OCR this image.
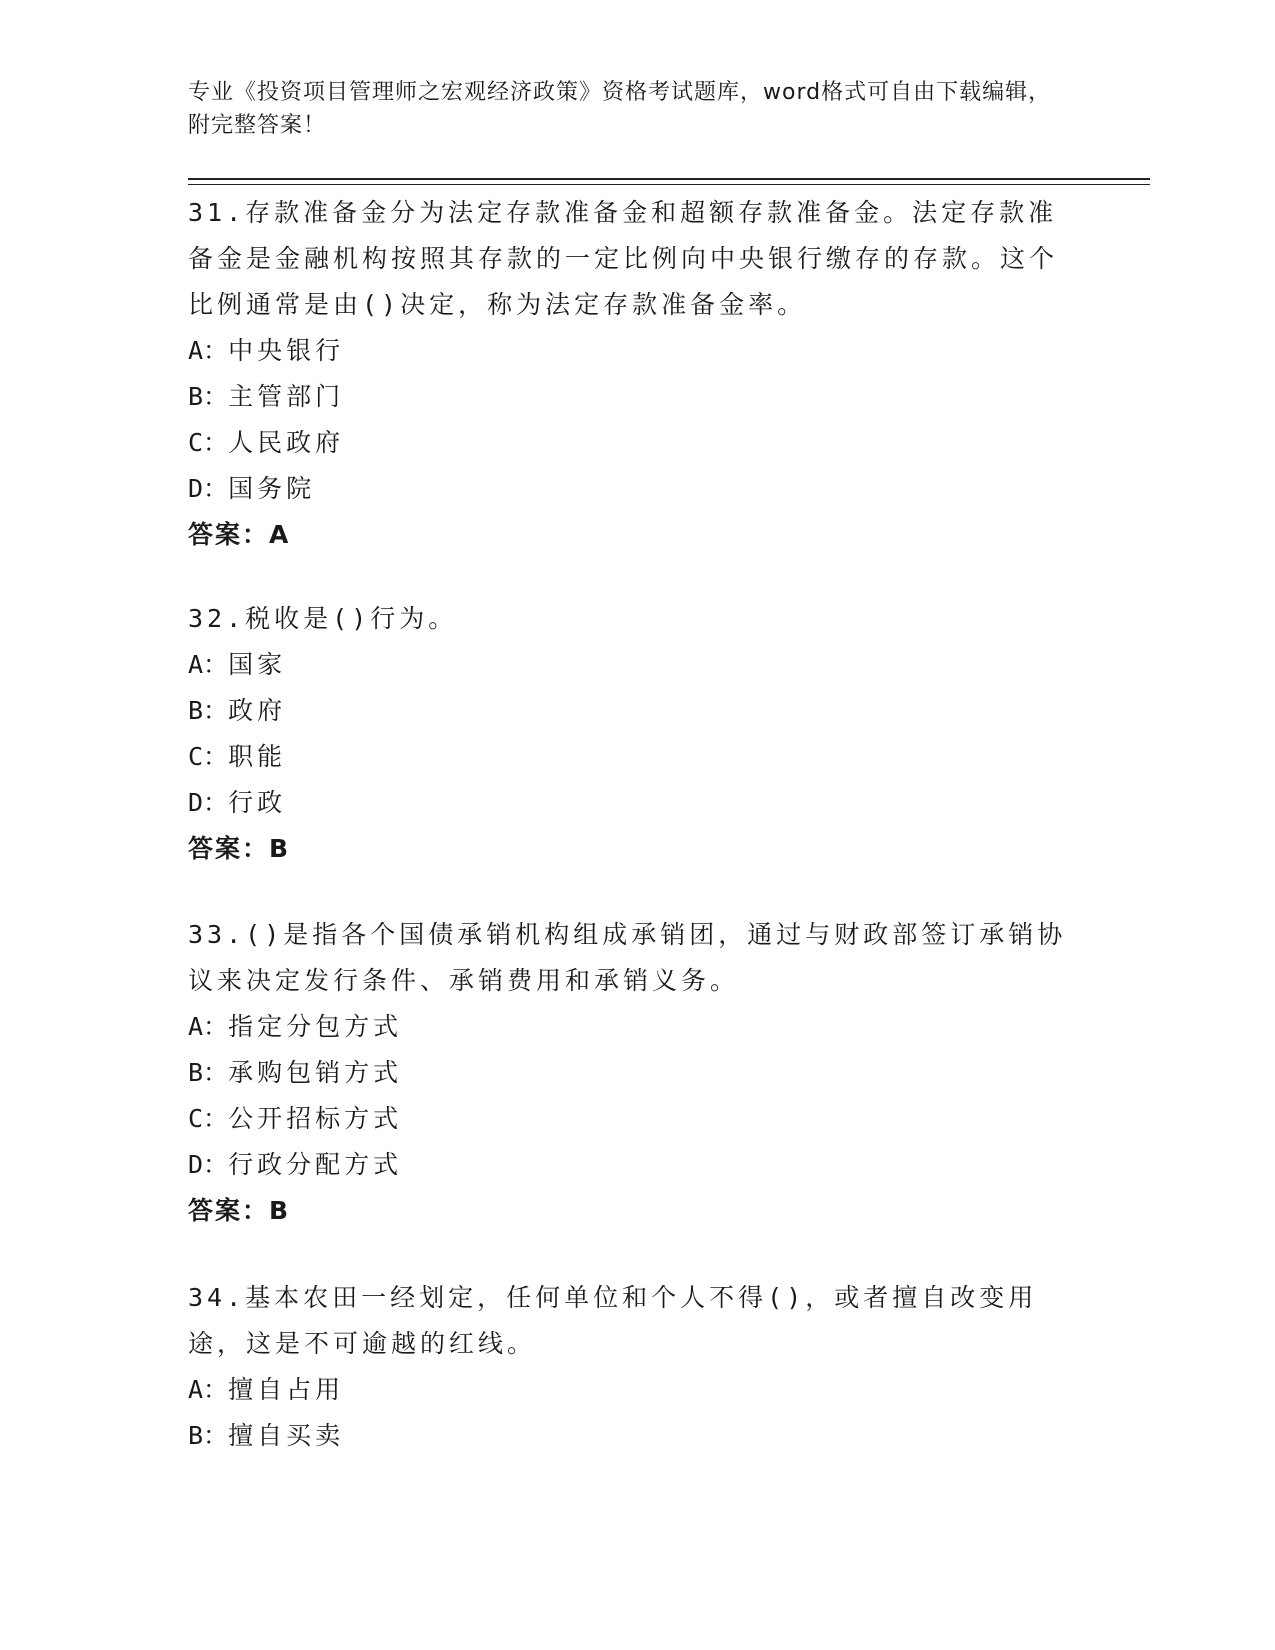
专业《投资项目管理师之宏观经济政策》资格考试题库，word格式可自由下载编辑，附完整答案！

31.存款准备金分为法定存款准备金和超额存款准备金。法定存款准备金是金融机构按照其存款的一定比例向中央银行缴存的存款。这个比例通常是由()决定，称为法定存款准备金率。

A：中央银行
B：主管部门
C：人民政府
D：国务院
答案：A

32.税收是()行为。

A：国家
B：政府
C：职能
D：行政
答案：B

33.()是指各个国债承销机构组成承销团，通过与财政部签订承销协议来决定发行条件、承销费用和承销义务。

A：指定分包方式
B：承购包销方式
C：公开招标方式
D：行政分配方式
答案：B

34.基本农田一经划定，任何单位和个人不得()，或者擅自改变用途，这是不可逾越的红线。

A：擅自占用
B：擅自买卖
